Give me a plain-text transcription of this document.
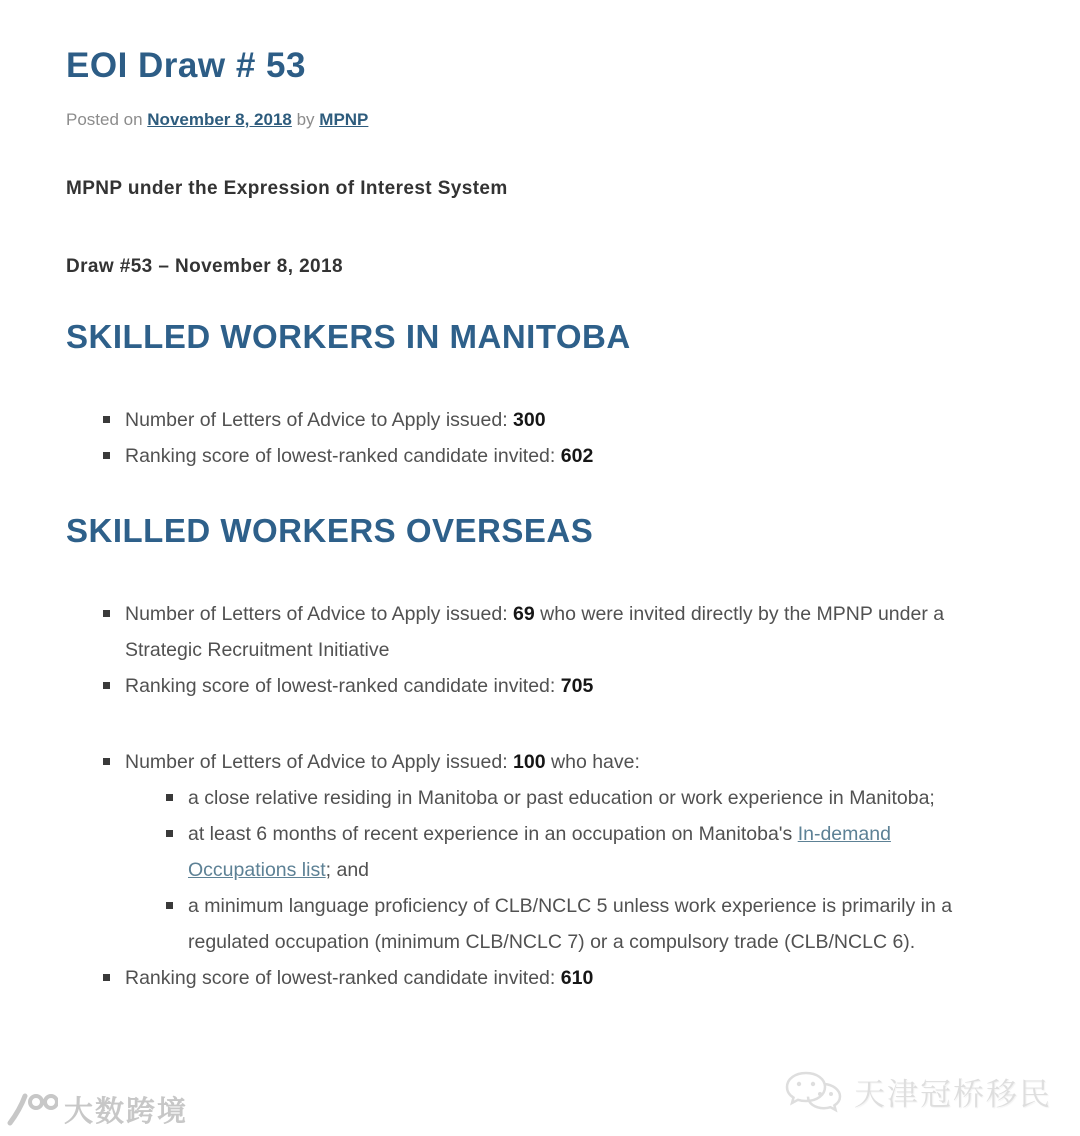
EOI Draw # 53
Posted on November 8, 2018 by MPNP

MPNP under the Expression of Interest System

Draw #53 – November 8, 2018

SKILLED WORKERS IN MANITOBA
Number of Letters of Advice to Apply issued: 300
Ranking score of lowest-ranked candidate invited: 602
SKILLED WORKERS OVERSEAS
Number of Letters of Advice to Apply issued: 69 who were invited directly by the MPNP under a Strategic Recruitment Initiative
Ranking score of lowest-ranked candidate invited: 705
Number of Letters of Advice to Apply issued: 100 who have:
a close relative residing in Manitoba or past education or work experience in Manitoba;
at least 6 months of recent experience in an occupation on Manitoba's In-demand Occupations list; and
a minimum language proficiency of CLB/NCLC 5 unless work experience is primarily in a regulated occupation (minimum CLB/NCLC 7) or a compulsory trade (CLB/NCLC 6).
Ranking score of lowest-ranked candidate invited: 610
大数跨境	天津冠桥移民
